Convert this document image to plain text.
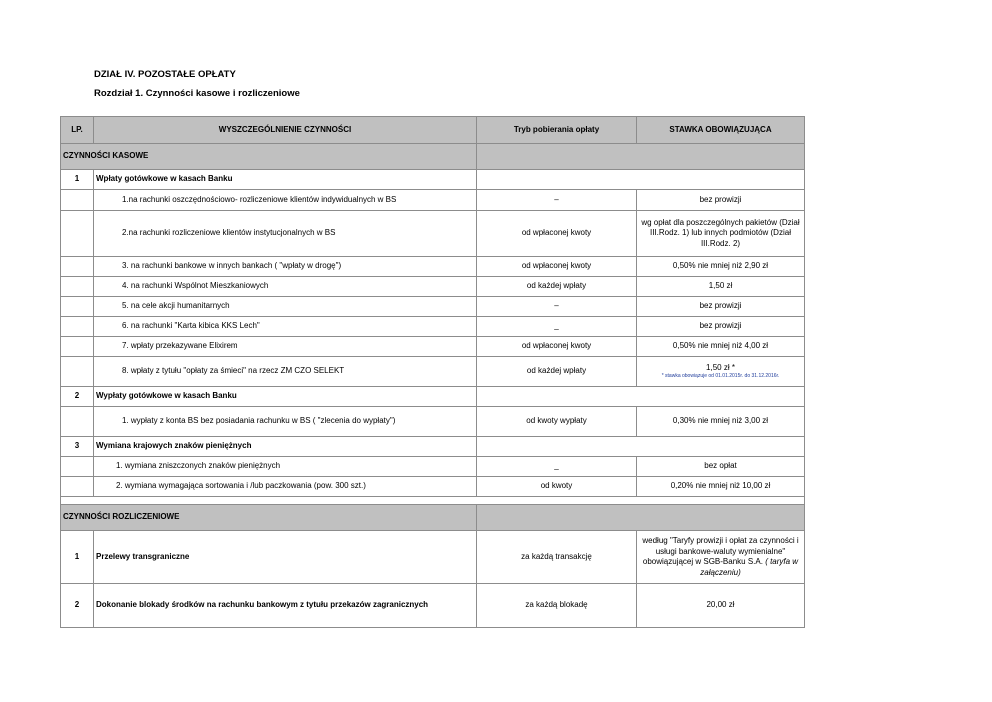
DZIAŁ IV. POZOSTAŁE OPŁATY
Rozdział 1. Czynności kasowe i rozliczeniowe
LP.	WYSZCZEGÓLNIENIE CZYNNOŚCI	Tryb pobierania opłaty	STAWKA OBOWIĄZUJĄCA
CZYNNOŚCI KASOWE			
1	Wpłaty gotówkowe w kasach Banku		
	1.na rachunki oszczędnościowo- rozliczeniowe klientów indywidualnych w BS	–	bez prowizji
	2.na rachunki rozliczeniowe klientów instytucjonalnych w BS	od wpłaconej kwoty	wg opłat dla poszczególnych pakietów (Dział III.Rodz. 1) lub innych podmiotów (Dział III.Rodz. 2)
	3. na rachunki bankowe w innych bankach ( "wpłaty w drogę")	od wpłaconej kwoty	0,50% nie mniej niż 2,90 zł
	4. na rachunki Wspólnot Mieszkaniowych	od każdej wpłaty	1,50 zł
	5. na cele akcji humanitarnych	–	bez prowizji
	6. na rachunki "Karta kibica KKS Lech"	_	bez prowizji
	7. wpłaty przekazywane Elixirem	od wpłaconej kwoty	0,50% nie mniej niż 4,00 zł
	8. wpłaty z tytułu "opłaty za śmieci" na rzecz ZM CZO SELEKT	od każdej wpłaty	1,50 zł *
* stawka obowiązuje od 01.01.2015r. do 31.12.2016r.

2	Wypłaty gotówkowe w kasach Banku		
	1. wypłaty z konta BS bez posiadania rachunku w BS ( "zlecenia do wypłaty")	od kwoty wypłaty	0,30% nie mniej niż 3,00 zł
3	Wymiana krajowych znaków pieniężnych		
	1. wymiana zniszczonych znaków pieniężnych	_	bez opłat
	2. wymiana wymagająca sortowania i /lub paczkowania (pow. 300 szt.)	od kwoty	0,20% nie mniej niż 10,00 zł

CZYNNOŚCI ROZLICZENIOWE			
1	Przelewy transgraniczne	za każdą transakcję	według "Taryfy prowizji i opłat za czynności i usługi bankowe-waluty wymienialne" obowiązującej w SGB-Banku S.A. ( taryfa w załączeniu)
2	Dokonanie blokady środków na rachunku bankowym z tytułu przekazów zagranicznych	za każdą blokadę	20,00 zł
